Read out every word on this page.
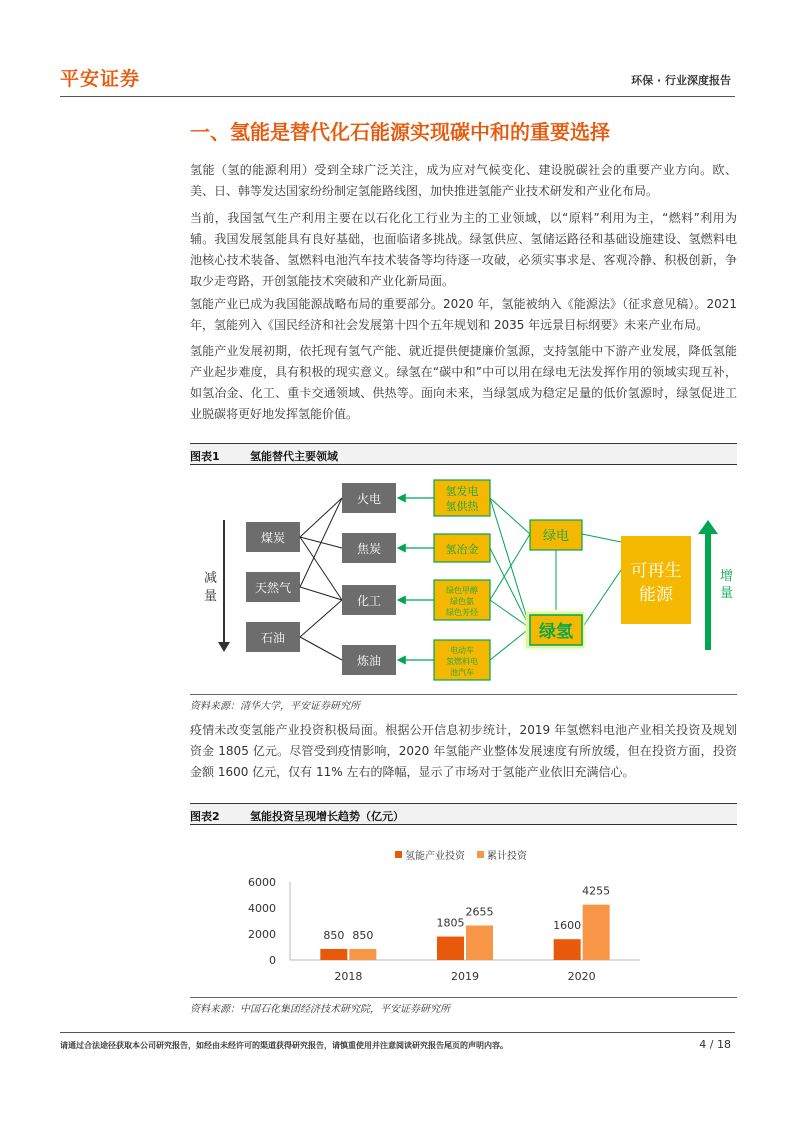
平安证券	环保 · 行业深度报告
一、氢能是替代化石能源实现碳中和的重要选择

氢能（氢的能源利用）受到全球广泛关注，成为应对气候变化、建设脱碳社会的重要产业方向。欧、美、日、韩等发达国家纷纷制定氢能路线图，加快推进氢能产业技术研发和产业化布局。

当前，我国氢气生产利用主要在以石化化工行业为主的工业领域，以“原料”利用为主，“燃料”利用为辅。我国发展氢能具有良好基础，也面临诸多挑战。绿氢供应、氢储运路径和基础设施建设、氢燃料电池核心技术装备、氢燃料电池汽车技术装备等均待逐一攻破，必须实事求是、客观冷静、积极创新，争取少走弯路，开创氢能技术突破和产业化新局面。

氢能产业已成为我国能源战略布局的重要部分。2020 年，氢能被纳入《能源法》（征求意见稿）。2021 年，氢能列入《国民经济和社会发展第十四个五年规划和 2035 年远景目标纲要》未来产业布局。

氢能产业发展初期，依托现有氢气产能、就近提供便捷廉价氢源，支持氢能中下游产业发展，降低氢能产业起步难度，具有积极的现实意义。绿氢在“碳中和”中可以用在绿电无法发挥作用的领域实现互补，如氢冶金、化工、重卡交通领域、供热等。面向未来，当绿氢成为稳定足量的低价氢源时，绿氢促进工业脱碳将更好地发挥氢能价值。

图表1	氢能替代主要领域
减
量
煤炭
天然气
石油
火电
焦炭
化工
炼油
氢发电
氢供热
氢冶金
绿色甲醇
绿色氨
绿色芳烃
电动车
氢燃料电
池汽车
绿电
绿氢
可再生
能源
增
量
资料来源：清华大学，平安证券研究所

疫情未改变氢能产业投资积极局面。根据公开信息初步统计，2019 年氢燃料电池产业相关投资及规划资金 1805 亿元。尽管受到疫情影响，2020 年氢能产业整体发展速度有所放缓，但在投资方面，投资金额 1600 亿元，仅有 11% 左右的降幅，显示了市场对于氢能产业依旧充满信心。

图表2	氢能投资呈现增长趋势（亿元）
氢能产业投资 累计投资
0
2000
4000
6000
2018	2019	2020
850 850
1805
2655
1600
4255
资料来源：中国石化集团经济技术研究院，平安证券研究所
请通过合法途径获取本公司研究报告，如经由未经许可的渠道获得研究报告，请慎重使用并注意阅读研究报告尾页的声明内容。	4 / 18
